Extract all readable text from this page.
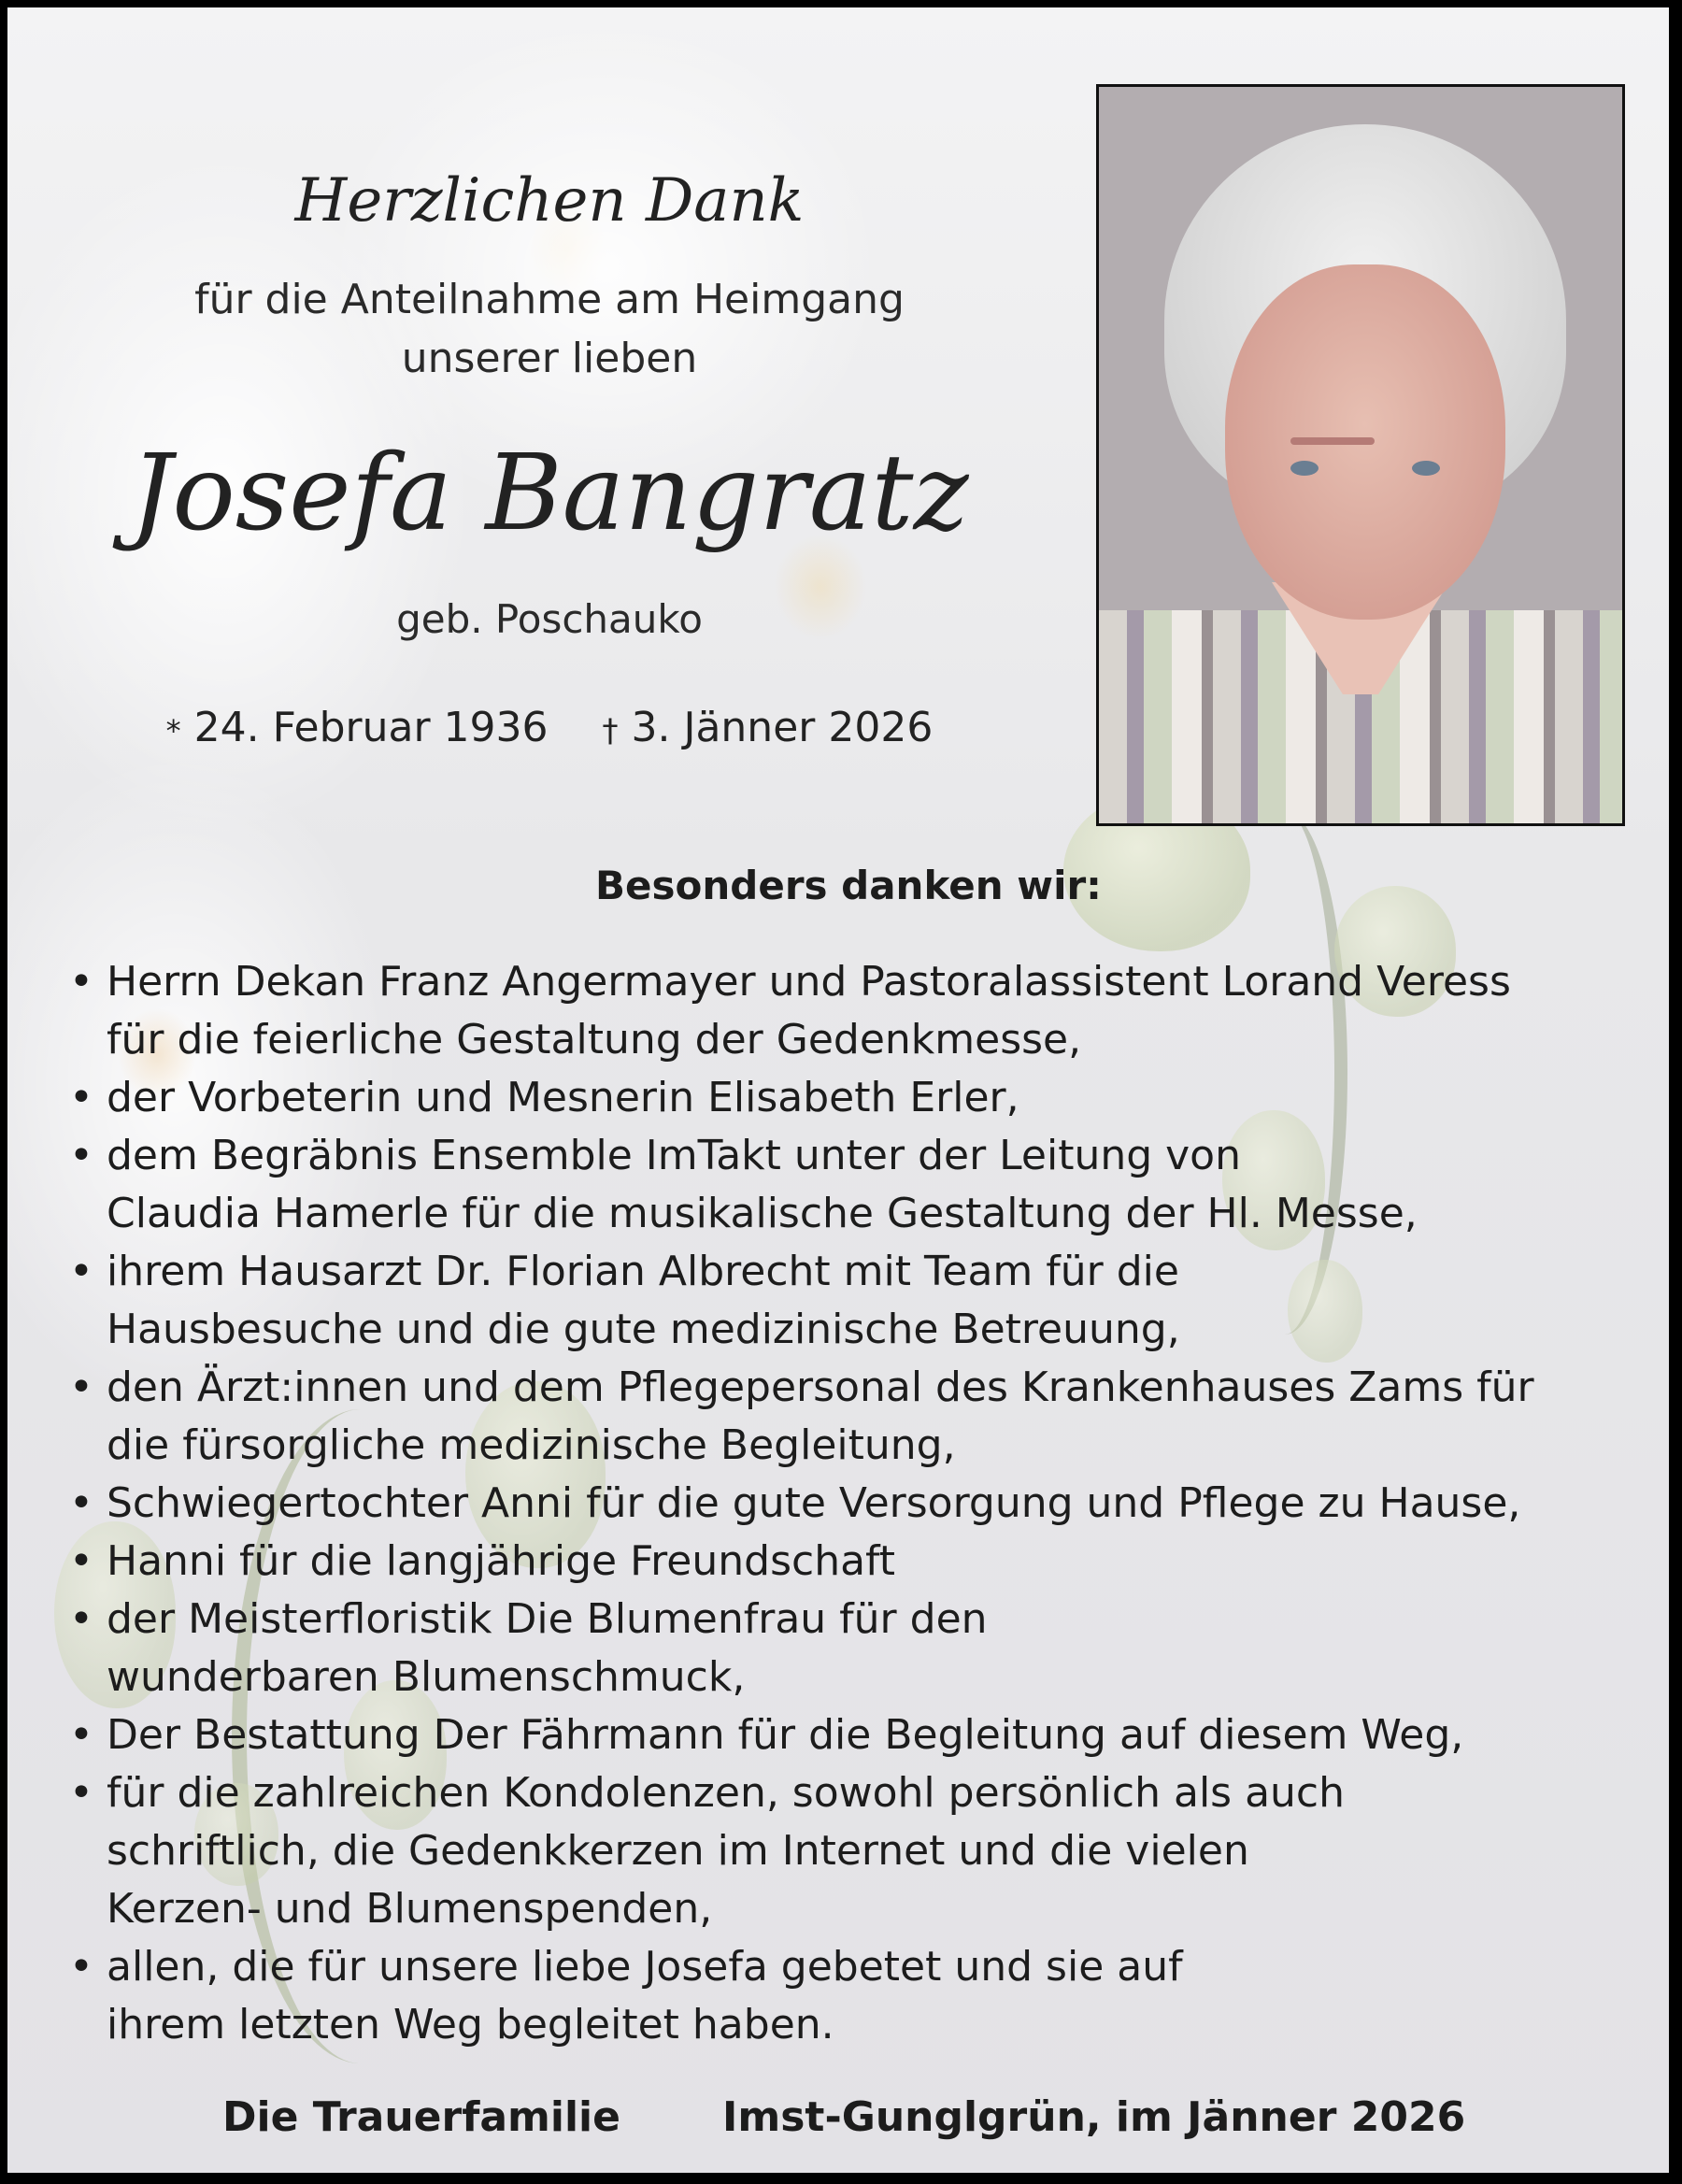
Herzlichen Dank
für die Anteilnahme am Heimgang
unserer lieben
Josefa Bangratz
geb. Poschauko
* 24. Februar 1936 † 3. Jänner 2026
Besonders danken wir:
• Herrn Dekan Franz Angermayer und Pastoralassistent Lorand Veress
für die feierliche Gestaltung der Gedenkmesse,
• der Vorbeterin und Mesnerin Elisabeth Erler,
• dem Begräbnis Ensemble ImTakt unter der Leitung von
Claudia Hamerle für die musikalische Gestaltung der Hl. Messe,
• ihrem Hausarzt Dr. Florian Albrecht mit Team für die
Hausbesuche und die gute medizinische Betreuung,
• den Ärzt:innen und dem Pflegepersonal des Krankenhauses Zams für
die fürsorgliche medizinische Begleitung,
• Schwiegertochter Anni für die gute Versorgung und Pflege zu Hause,
• Hanni für die langjährige Freundschaft
• der Meisterfloristik Die Blumenfrau für den
wunderbaren Blumenschmuck,
• Der Bestattung Der Fährmann für die Begleitung auf diesem Weg,
• für die zahlreichen Kondolenzen, sowohl persönlich als auch
schriftlich, die Gedenkkerzen im Internet und die vielen
Kerzen- und Blumenspenden,
• allen, die für unsere liebe Josefa gebetet und sie auf
ihrem letzten Weg begleitet haben.
Die Trauerfamilie Imst-Gunglgrün, im Jänner 2026
